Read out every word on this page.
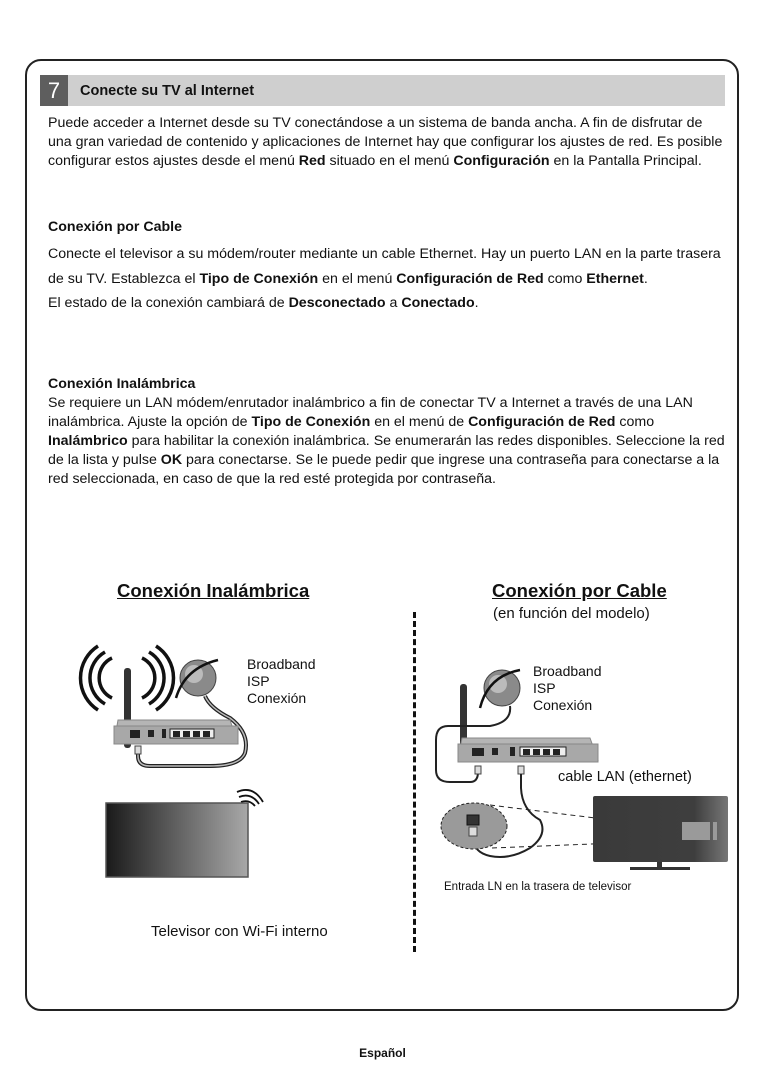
7	Conecte su TV al Internet
Puede acceder a Internet desde su TV conectándose a un sistema de banda ancha. A fin de disfrutar de una gran variedad de contenido y aplicaciones de Internet hay que configurar los ajustes de red. Es posible configurar estos ajustes desde el menú Red situado en el menú Configuración en la Pantalla Principal.
Conexión por Cable
Conecte el televisor a su módem/router mediante un cable Ethernet. Hay un puerto LAN en la parte trasera de su TV. Establezca el Tipo de Conexión en el menú Configuración de Red como Ethernet.
El estado de la conexión cambiará de Desconectado a Conectado.
Conexión Inalámbrica
Se requiere un LAN módem/enrutador inalámbrico a fin de conectar TV a Internet a través de una LAN inalámbrica. Ajuste la opción de Tipo de Conexión en el menú de Configuración de Red como Inalámbrico para habilitar la conexión inalámbrica. Se enumerarán las redes disponibles. Seleccione la red de la lista y pulse OK para conectarse. Se le puede pedir que ingrese una contraseña para conectarse a la red seleccionada, en caso de que la red esté protegida por contraseña.
Conexión Inalámbrica
Broadband
ISP
Conexión
Televisor con Wi-Fi interno
Conexión por Cable
(en función del modelo)
Broadband
ISP
Conexión
cable LAN (ethernet)
Entrada LN en la trasera de televisor
Español
